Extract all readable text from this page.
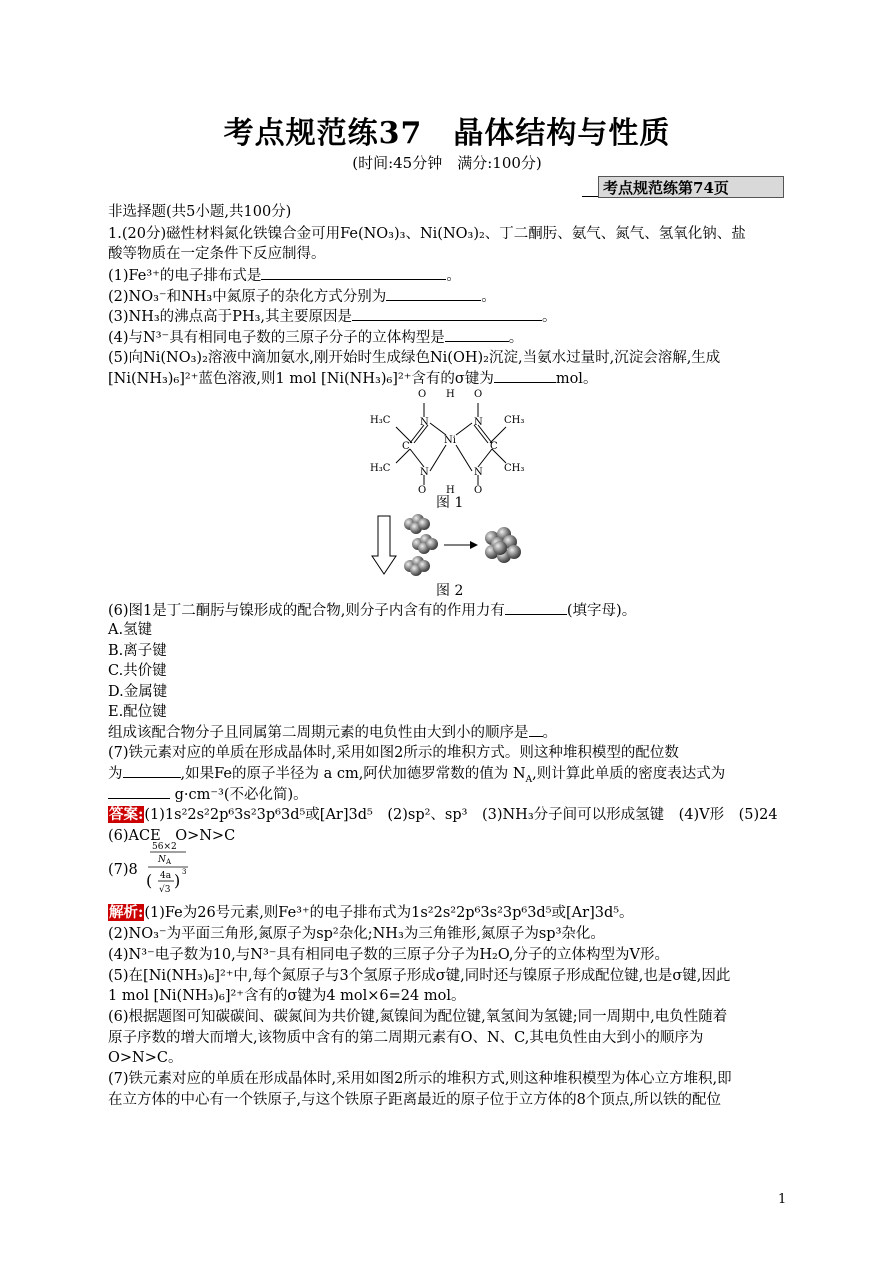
考点规范练37　晶体结构与性质
(时间:45分钟　满分:100分)
考点规范练第74页
非选择题(共5小题,共100分)
1.(20分)磁性材料氮化铁镍合金可用Fe(NO₃)₃、Ni(NO₃)₂、丁二酮肟、氨气、氮气、氢氧化钠、盐
酸等物质在一定条件下反应制得。
(1)Fe³⁺的电子排布式是	。
(2)NO₃⁻和NH₃中氮原子的杂化方式分别为	。
(3)NH₃的沸点高于PH₃,其主要原因是	。
(4)与N³⁻具有相同电子数的三原子分子的立体构型是	。
(5)向Ni(NO₃)₂溶液中滴加氨水,刚开始时生成绿色Ni(OH)₂沉淀,当氨水过量时,沉淀会溶解,生成
[Ni(NH₃)₆]²⁺蓝色溶液,则1 mol [Ni(NH₃)₆]²⁺含有的σ键为	mol。
O H O
N	N
Ni
H₃C	CH₃
C	C
H₃C	CH₃
N	N
O H O
图 1
图 2
(6)图1是丁二酮肟与镍形成的配合物,则分子内含有的作用力有	(填字母)。
A.氢键
B.离子键
C.共价键
D.金属键
E.配位键
组成该配合物分子且同属第二周期元素的电负性由大到小的顺序是 。
(7)铁元素对应的单质在形成晶体时,采用如图2所示的堆积方式。则这种堆积模型的配位数
为	,如果Fe的原子半径为 a cm,阿伏加德罗常数的值为 $N_A$,则计算此单质的密度表达式为
g·cm⁻³(不必化简)。
答案:(1)1s²2s²2p⁶3s²3p⁶3d⁵或[Ar]3d⁵　(2)sp²、sp³　(3)NH₃分子间可以形成氢键　(4)V形　(5)24
(6)ACE　O>N>C
(7)8
56×2
N A
( 4a
√3 ) 3
解析:(1)Fe为26号元素,则Fe³⁺的电子排布式为1s²2s²2p⁶3s²3p⁶3d⁵或[Ar]3d⁵。
(2)NO₃⁻为平面三角形,氮原子为sp²杂化;NH₃为三角锥形,氮原子为sp³杂化。
(4)N³⁻电子数为10,与N³⁻具有相同电子数的三原子分子为H₂O,分子的立体构型为V形。
(5)在[Ni(NH₃)₆]²⁺中,每个氮原子与3个氢原子形成σ键,同时还与镍原子形成配位键,也是σ键,因此
1 mol [Ni(NH₃)₆]²⁺含有的σ键为4 mol×6=24 mol。
(6)根据题图可知碳碳间、碳氮间为共价键,氮镍间为配位键,氧氢间为氢键;同一周期中,电负性随着
原子序数的增大而增大,该物质中含有的第二周期元素有O、N、C,其电负性由大到小的顺序为
O>N>C。
(7)铁元素对应的单质在形成晶体时,采用如图2所示的堆积方式,则这种堆积模型为体心立方堆积,即
在立方体的中心有一个铁原子,与这个铁原子距离最近的原子位于立方体的8个顶点,所以铁的配位
1
